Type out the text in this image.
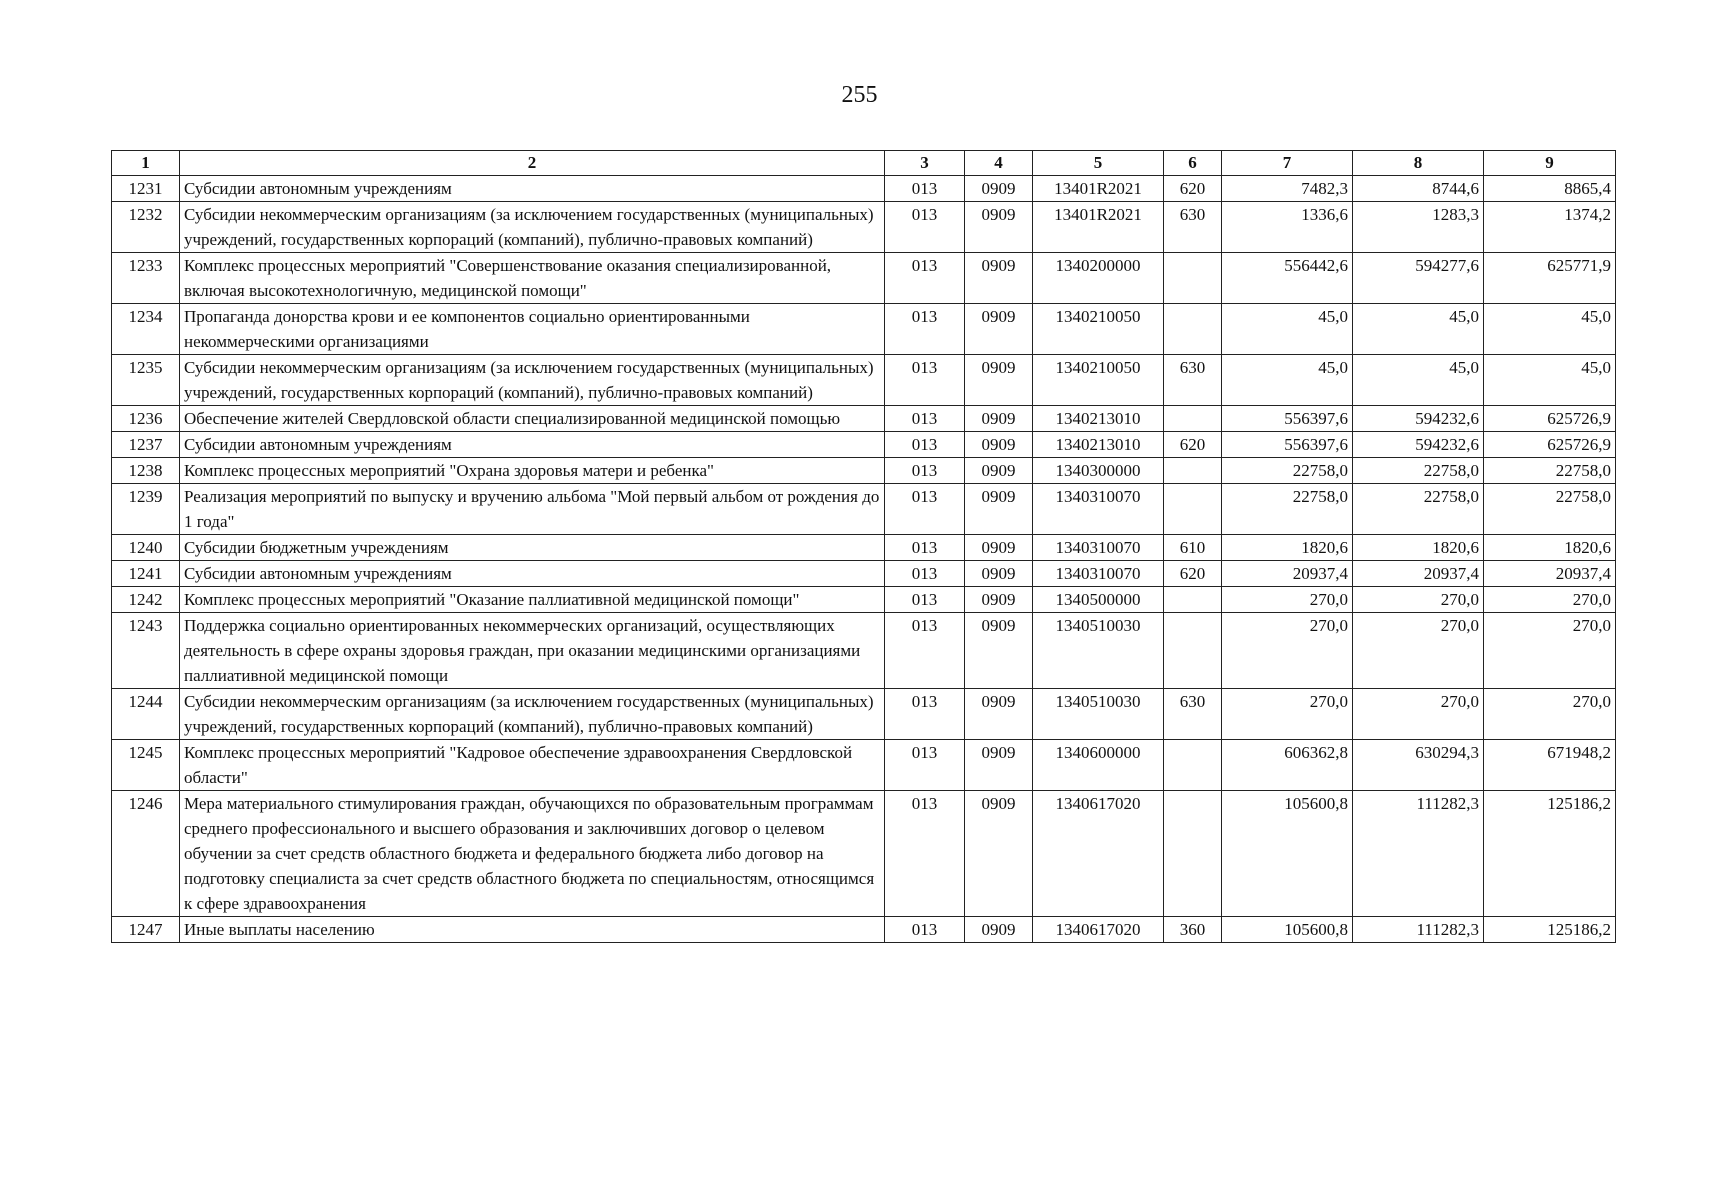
255
1	2	3	4	5	6	7	8	9
1231	Субсидии автономным учреждениям	013	0909	13401R2021	620	7482,3	8744,6	8865,4
1232	Субсидии некоммерческим организациям (за исключением государственных (муниципальных) учреждений, государственных корпораций (компаний), публично-правовых компаний)	013	0909	13401R2021	630	1336,6	1283,3	1374,2
1233	Комплекс процессных мероприятий "Совершенствование оказания специализированной, включая высокотехнологичную, медицинской помощи"	013	0909	1340200000		556442,6	594277,6	625771,9
1234	Пропаганда донорства крови и ее компонентов социально ориентированными некоммерческими организациями	013	0909	1340210050		45,0	45,0	45,0
1235	Субсидии некоммерческим организациям (за исключением государственных (муниципальных) учреждений, государственных корпораций (компаний), публично-правовых компаний)	013	0909	1340210050	630	45,0	45,0	45,0
1236	Обеспечение жителей Свердловской области специализированной медицинской помощью	013	0909	1340213010		556397,6	594232,6	625726,9
1237	Субсидии автономным учреждениям	013	0909	1340213010	620	556397,6	594232,6	625726,9
1238	Комплекс процессных мероприятий "Охрана здоровья матери и ребенка"	013	0909	1340300000		22758,0	22758,0	22758,0
1239	Реализация мероприятий по выпуску и вручению альбома "Мой первый альбом от рождения до 1 года"	013	0909	1340310070		22758,0	22758,0	22758,0
1240	Субсидии бюджетным учреждениям	013	0909	1340310070	610	1820,6	1820,6	1820,6
1241	Субсидии автономным учреждениям	013	0909	1340310070	620	20937,4	20937,4	20937,4
1242	Комплекс процессных мероприятий "Оказание паллиативной медицинской помощи"	013	0909	1340500000		270,0	270,0	270,0
1243	Поддержка социально ориентированных некоммерческих организаций, осуществляющих деятельность в сфере охраны здоровья граждан, при оказании медицинскими организациями паллиативной медицинской помощи	013	0909	1340510030		270,0	270,0	270,0
1244	Субсидии некоммерческим организациям (за исключением государственных (муниципальных) учреждений, государственных корпораций (компаний), публично-правовых компаний)	013	0909	1340510030	630	270,0	270,0	270,0
1245	Комплекс процессных мероприятий "Кадровое обеспечение здравоохранения Свердловской области"	013	0909	1340600000		606362,8	630294,3	671948,2
1246	Мера материального стимулирования граждан, обучающихся по образовательным программам среднего профессионального и высшего образования и заключивших договор о целевом обучении за счет средств областного бюджета и федерального бюджета либо договор на подготовку специалиста за счет средств областного бюджета по специальностям, относящимся к сфере здравоохранения	013	0909	1340617020		105600,8	111282,3	125186,2
1247	Иные выплаты населению	013	0909	1340617020	360	105600,8	111282,3	125186,2
